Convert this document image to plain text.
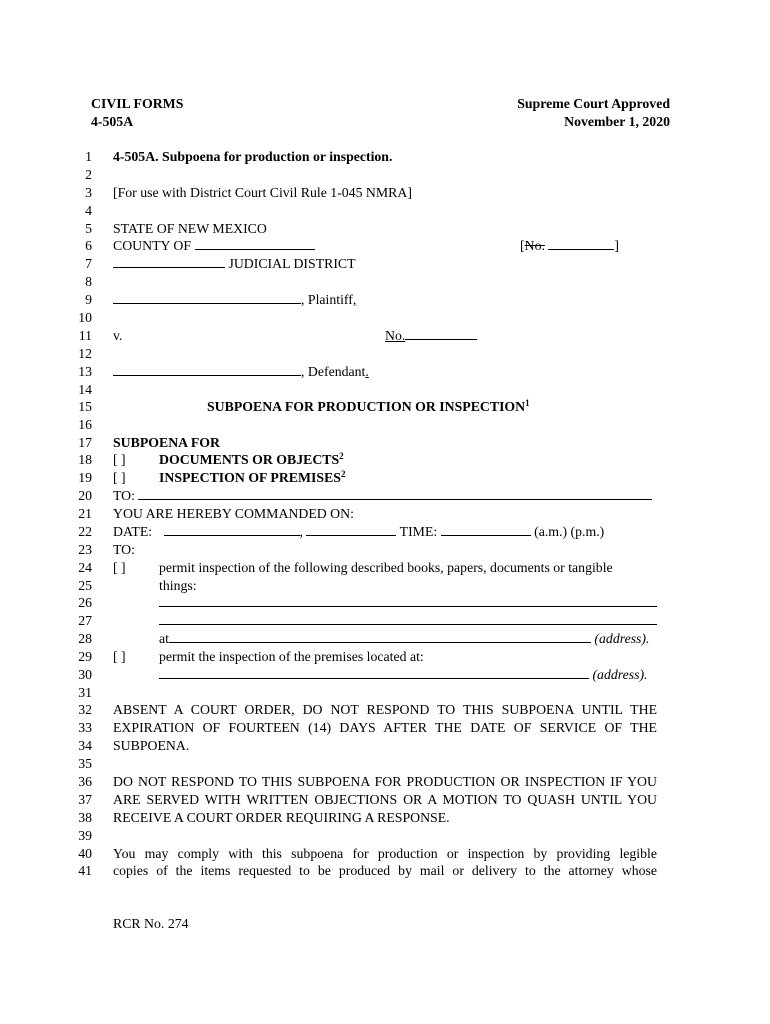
CIVIL FORMS
4-505A
Supreme Court Approved
November 1, 2020
1
2
3
4
5
6
7
8
9
10
11
12
13
14
15
16
17
18
19
20
21
22
23
24
25
26
27
28
29
30
31
32
33
34
35
36
37
38
39
40
41
4-505A. Subpoena for production or inspection.
[For use with District Court Civil Rule 1-045 NMRA]
STATE OF NEW MEXICO
COUNTY OF	[No.	]
JUDICIAL DISTRICT
, Plaintiff,
v.	No.
, Defendant.
SUBPOENA FOR PRODUCTION OR INSPECTION$^1$
SUBPOENA FOR
[ ] DOCUMENTS OR OBJECTS$^2$
[ ] INSPECTION OF PREMISES$^2$
TO:
YOU ARE HEREBY COMMANDED ON:
DATE:	,	TIME:	(a.m.) (p.m.)
TO:
[ ] permit inspection of the following described books, papers, documents or tangible
things:
at	(address).
[ ] permit the inspection of the premises located at:
(address).
ABSENT A COURT ORDER, DO NOT RESPOND TO THIS SUBPOENA UNTIL THE EXPIRATION OF FOURTEEN (14) DAYS AFTER THE DATE OF SERVICE OF THE SUBPOENA.
DO NOT RESPOND TO THIS SUBPOENA FOR PRODUCTION OR INSPECTION IF YOU ARE SERVED WITH WRITTEN OBJECTIONS OR A MOTION TO QUASH UNTIL YOU RECEIVE A COURT ORDER REQUIRING A RESPONSE.
You may comply with this subpoena for production or inspection by providing legible
copies of the items requested to be produced by mail or delivery to the attorney whose
RCR No. 274
